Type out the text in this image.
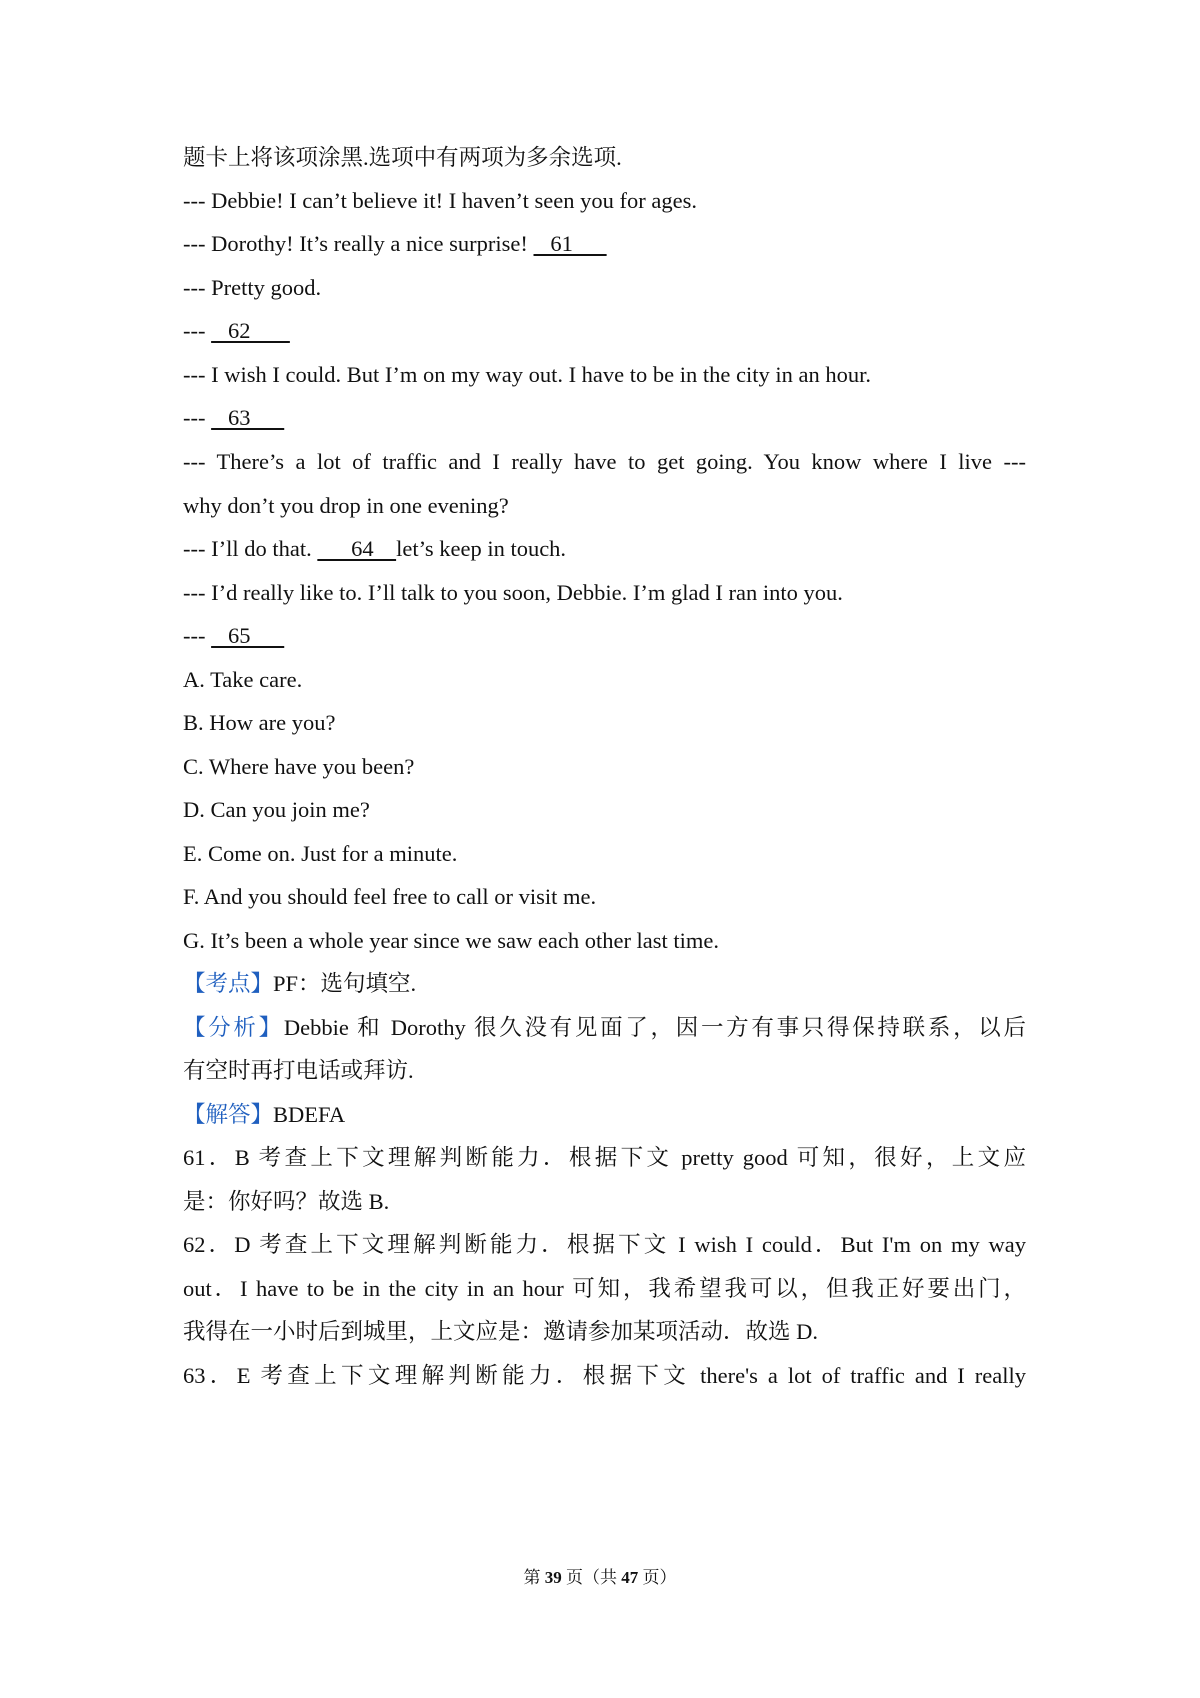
题卡上将该项涂黑.选项中有两项为多余选项.
--- Debbie! I can’t believe it! I haven’t seen you for ages.
--- Dorothy! It’s really a nice surprise!    61
--- Pretty good.
---    62
--- I wish I could. But I’m on my way out. I have to be in the city in an hour.
---    63
--- There’s a lot of traffic and I really have to get going. You know where I live ---
why don’t you drop in one evening?
--- I’ll do that.       64    let’s keep in touch.
--- I’d really like to. I’ll talk to you soon, Debbie. I’m glad I ran into you.
---    65
A. Take care.
B. How are you?
C. Where have you been?
D. Can you join me?
E. Come on. Just for a minute.
F. And you should feel free to call or visit me.
G. It’s been a whole year since we saw each other last time.
【考点】PF：选句填空.
【分析】Debbie 和 Dorothy 很久没有见面了，因一方有事只得保持联系，以后
有空时再打电话或拜访.
【解答】BDEFA
61．B 考查上下文理解判断能力．根据下文 pretty good 可知，很好，上文应
是：你好吗？故选 B.
62．D 考查上下文理解判断能力．根据下文 I wish I could．But I'm on my way
out．I have to be in the city in an hour 可知，我希望我可以，但我正好要出门，
我得在一小时后到城里，上文应是：邀请参加某项活动．故选 D.
63．E 考查上下文理解判断能力．根据下文 there's a lot of traffic and I really
第 39 页（共 47 页）
